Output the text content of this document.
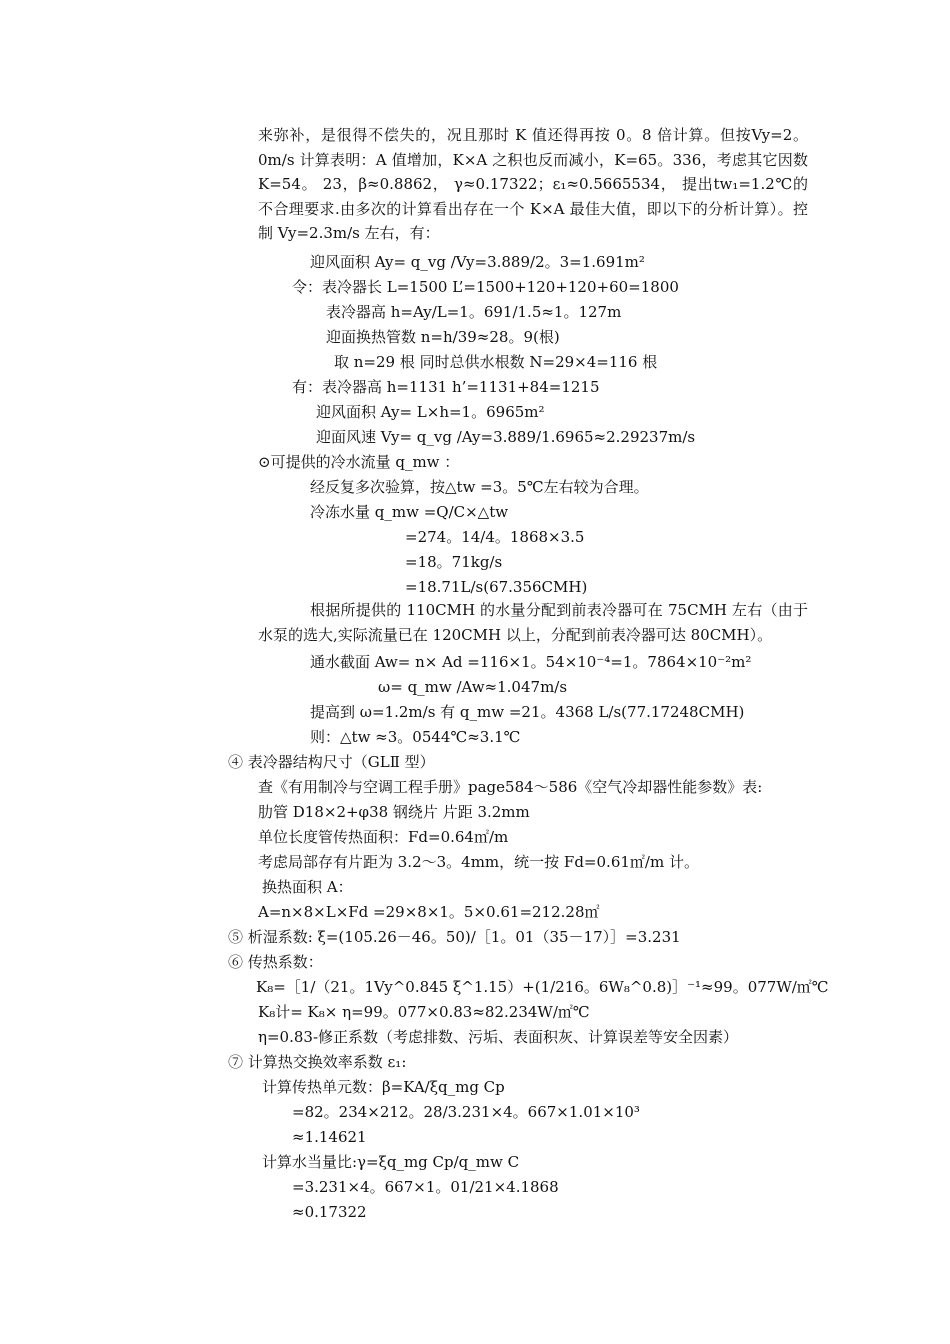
来弥补，是很得不偿失的，况且那时 K 值还得再按 0。8 倍计算。但按Vy=2。0m/s 计算表明：A 值增加，K×A 之积也反而减小，K=65。336，考虑其它因数 K=54。 23，β≈0.8862， γ≈0.17322；ε₁≈0.5665534， 提出tw₁=1.2℃的不合理要求.由多次的计算看出存在一个 K×A 最佳大值，即以下的分析计算）。控制 Vy=2.3m/s 左右，有：
迎风面积 Ay= q_vg /Vy=3.889/2。3=1.691m²
令：表冷器长 L=1500 L’=1500+120+120+60=1800
表冷器高 h=Ay/L=1。691/1.5≈1。127m
迎面换热管数 n=h/39≈28。9(根)
取 n=29 根 同时总供水根数 N=29×4=116 根
有：表冷器高 h=1131 h’=1131+84=1215
迎风面积 Ay= L×h=1。6965m²
迎面风速 Vy= q_vg /Ay=3.889/1.6965≈2.29237m/s
⊙可提供的冷水流量 q_mw ：
经反复多次验算，按△tw =3。5℃左右较为合理。
冷冻水量 q_mw =Q/C×△tw
=274。14/4。1868×3.5
=18。71kg/s
=18.71L/s(67.356CMH)
根据所提供的 110CMH 的水量分配到前表冷器可在 75CMH 左右（由于水泵的选大,实际流量已在 120CMH 以上，分配到前表冷器可达 80CMH）。
通水截面 Aw= n× Ad =116×1。54×10⁻⁴=1。7864×10⁻²m²
ω= q_mw /Aw≈1.047m/s
提高到 ω=1.2m/s 有 q_mw =21。4368 L/s(77.17248CMH)
则：△tw ≈3。0544℃≈3.1℃
④ 表冷器结构尺寸（GLⅡ 型）
查《有用制冷与空调工程手册》page584～586《空气冷却器性能参数》表:
肋管 D18×2+φ38 钢绕片 片距 3.2mm
单位长度管传热面积：Fd=0.64㎡/m
考虑局部存有片距为 3.2～3。4mm，统一按 Fd=0.61㎡/m 计。
换热面积 A：
A=n×8×L×Fd =29×8×1。5×0.61=212.28㎡
⑤ 析湿系数: ξ=(105.26－46。50)/［1。01（35－17）］=3.231
⑥ 传热系数：
K₈=［1/（21。1Vy^0.845 ξ^1.15）+(1/216。6W₈^0.8)］⁻¹≈99。077W/㎡℃
K₈计= K₈× η=99。077×0.83≈82.234W/㎡℃
η=0.83-修正系数（考虑排数、污垢、表面积灰、计算误差等安全因素）
⑦ 计算热交换效率系数 ε₁:
计算传热单元数：β=KA/ξq_mg Cp
=82。234×212。28/3.231×4。667×1.01×10³
≈1.14621
计算水当量比:γ=ξq_mg Cp/q_mw C
=3.231×4。667×1。01/21×4.1868
≈0.17322
